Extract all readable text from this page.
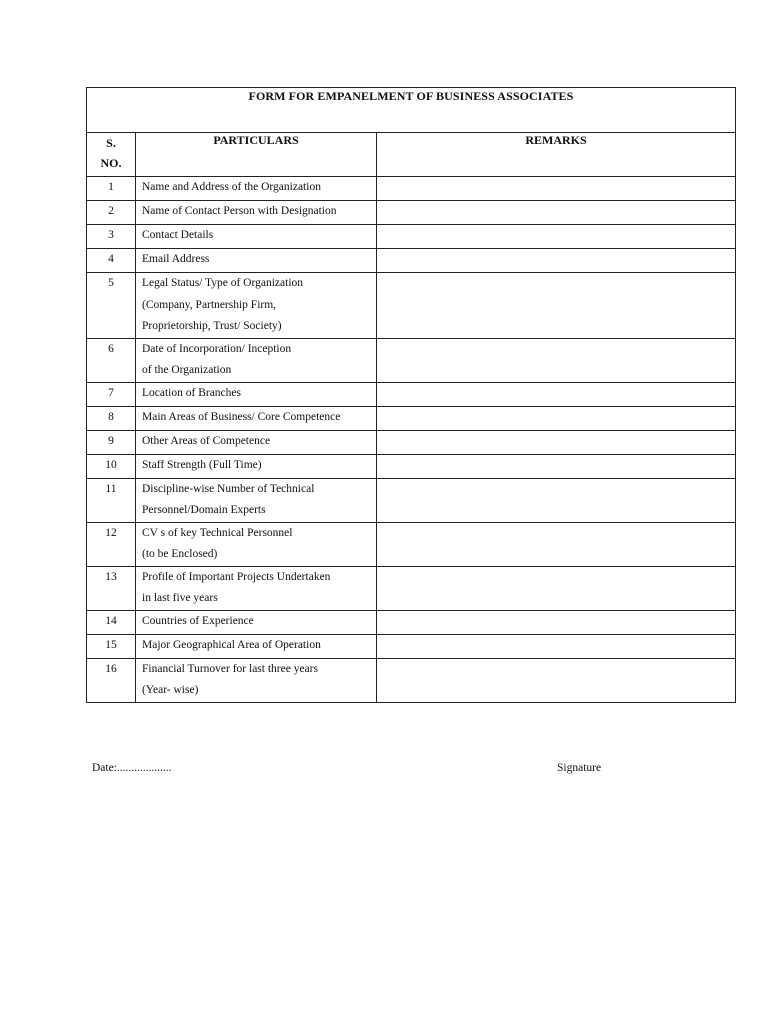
FORM FOR EMPANELMENT OF BUSINESS ASSOCIATES		

S.
NO.	PARTICULARS	REMARKS
1	Name and Address of the Organization	

2	Name of Contact Person with Designation	

3	Contact Details	

4	Email Address	

5	Legal Status/ Type of Organization
(Company, Partnership Firm,
Proprietorship, Trust/ Society)	

6	Date of Incorporation/ Inception
of the Organization	

7	Location of Branches	

8	Main Areas of Business/ Core Competence	

9	Other Areas of Competence	

10	Staff Strength (Full Time)	

11	Discipline-wise Number of Technical
Personnel/Domain Experts	

12	CV s of key Technical Personnel
(to be Enclosed)	

13	Profile of Important Projects Undertaken
in last five years	

14	Countries of Experience	

15	Major Geographical Area of Operation	

16	Financial Turnover for last three years
(Year- wise)	

Date:...................	Signature
